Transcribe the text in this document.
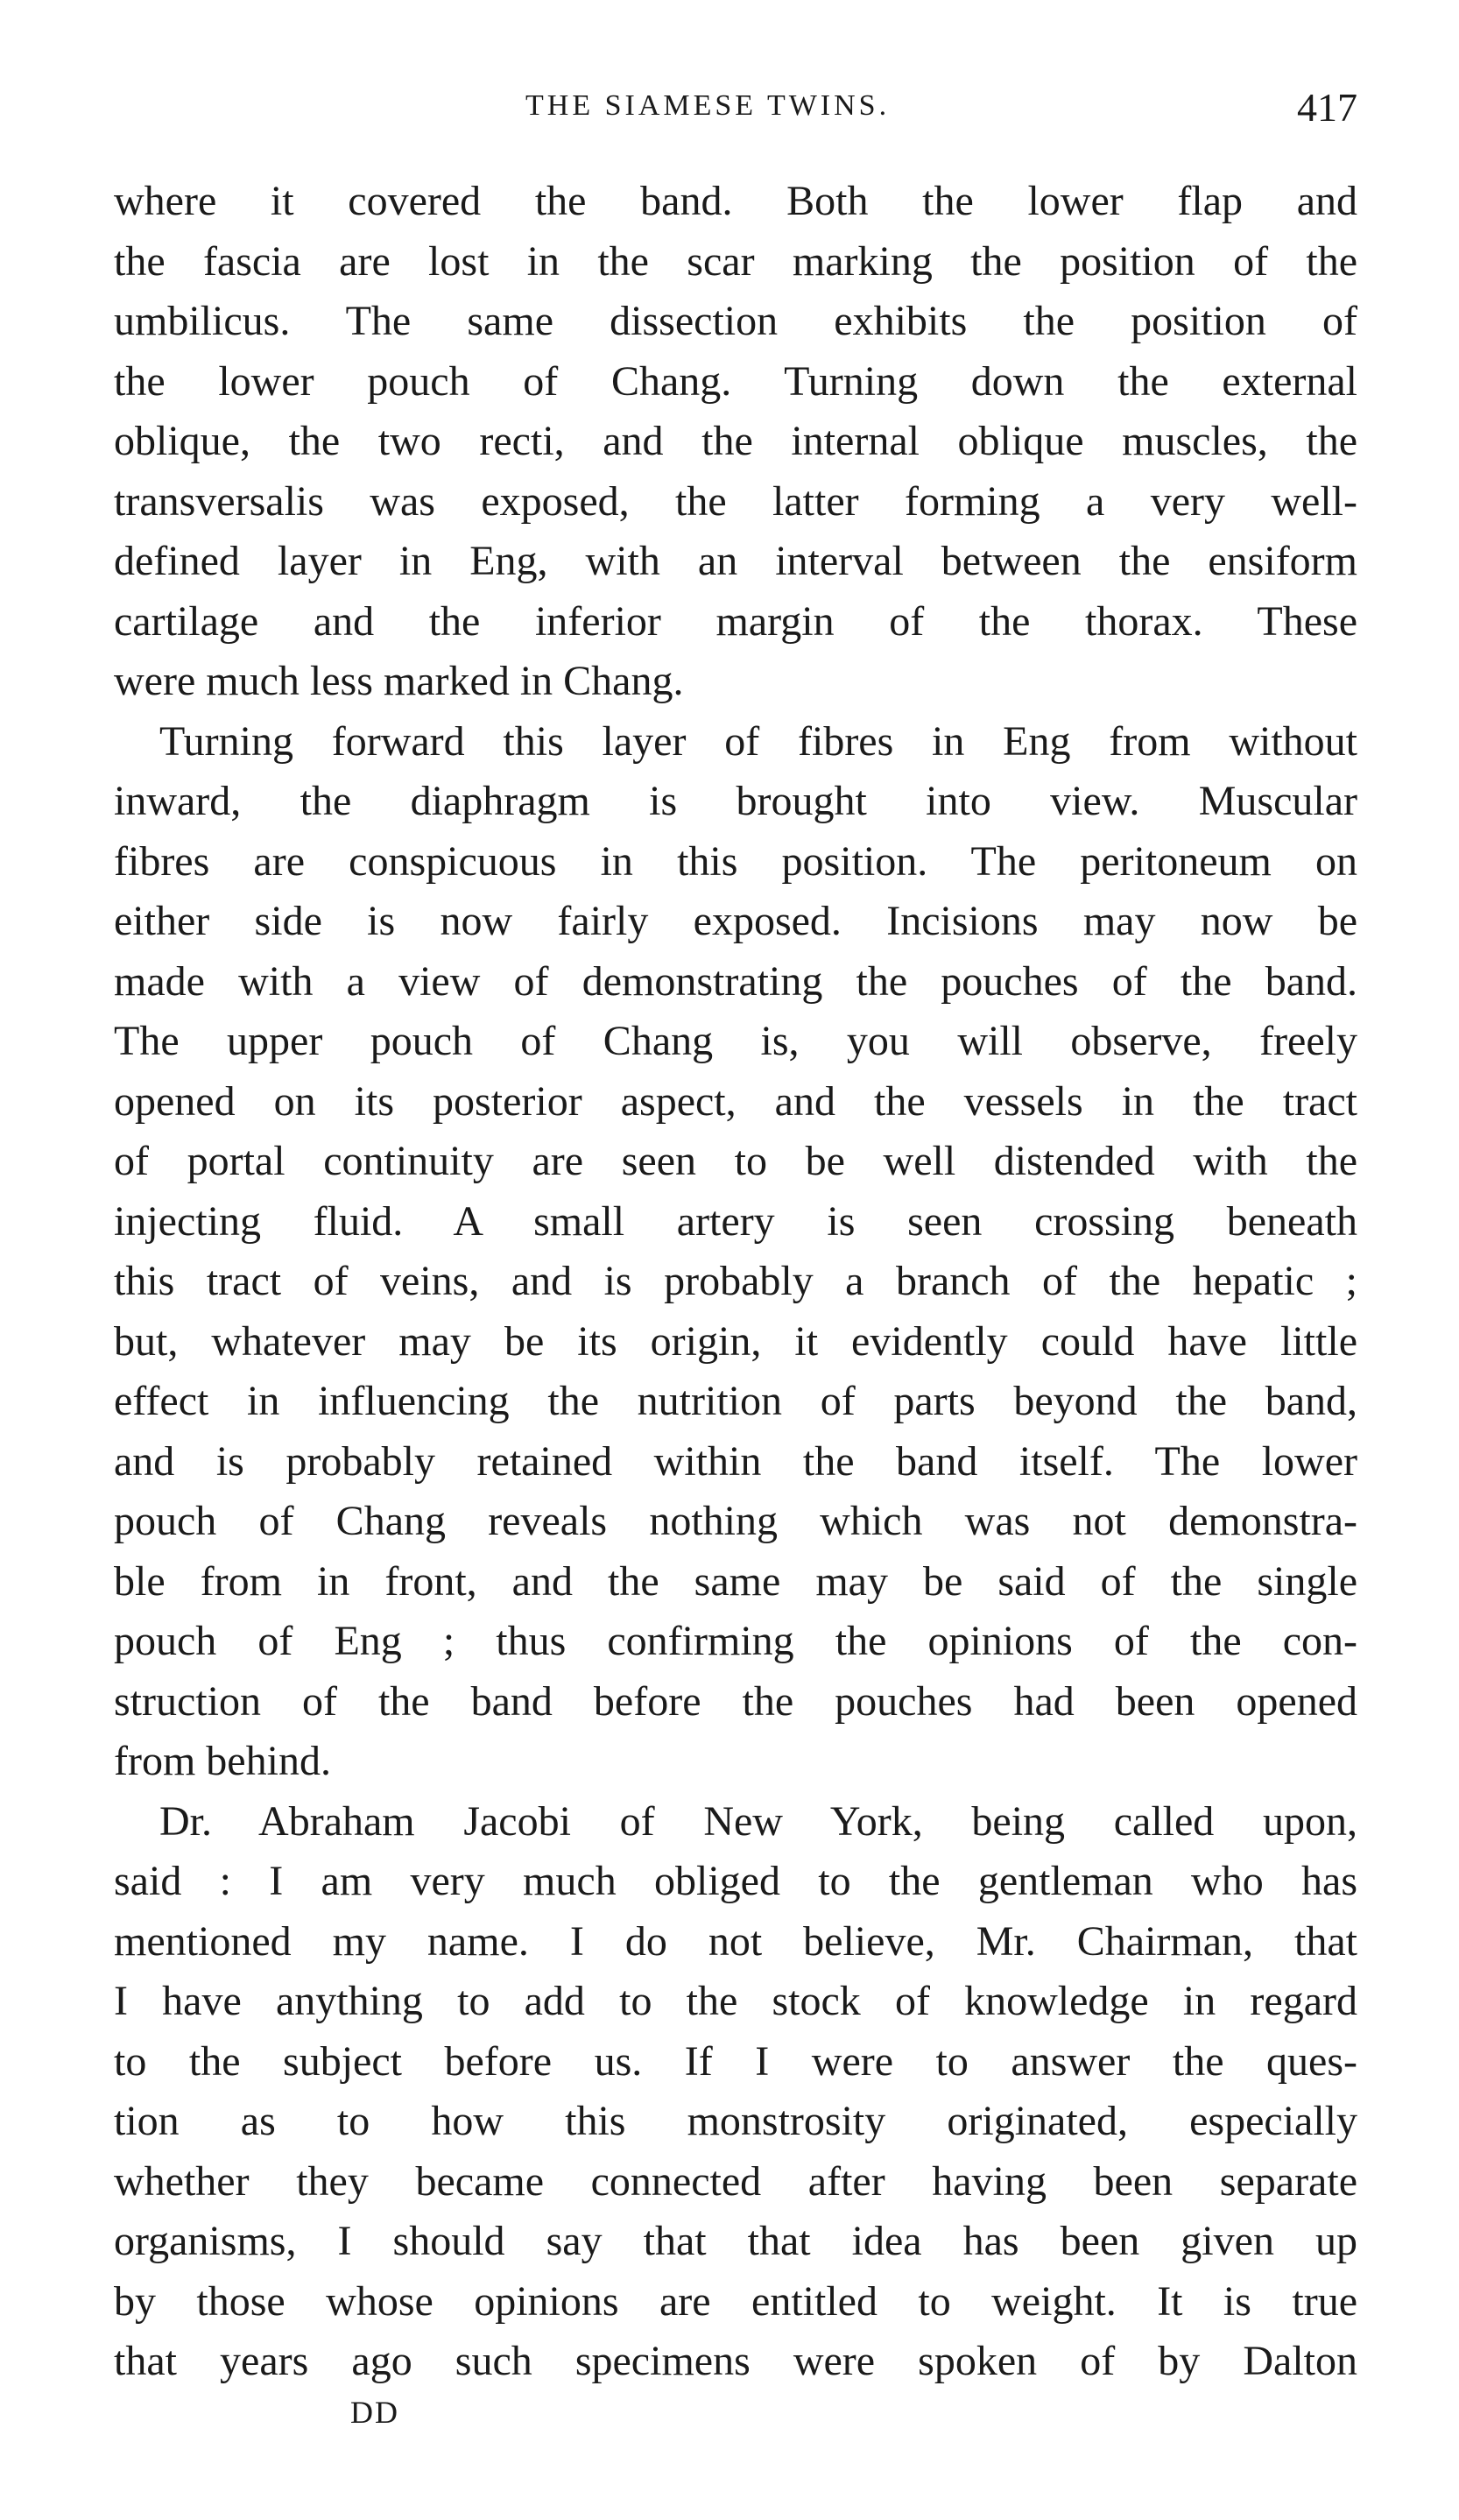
THE SIAMESE TWINS.	417

where it covered the band. Both the lower flap and
the fascia are lost in the scar marking the position of the
umbilicus. The same dissection exhibits the position of
the lower pouch of Chang. Turning down the external
oblique, the two recti, and the internal oblique muscles, the
transversalis was exposed, the latter forming a very well-
defined layer in Eng, with an interval between the ensiform
cartilage and the inferior margin of the thorax. These
were much less marked in Chang.

Turning forward this layer of fibres in Eng from without
inward, the diaphragm is brought into view. Muscular
fibres are conspicuous in this position. The peritoneum on
either side is now fairly exposed. Incisions may now be
made with a view of demonstrating the pouches of the band.
The upper pouch of Chang is, you will observe, freely
opened on its posterior aspect, and the vessels in the tract
of portal continuity are seen to be well distended with the
injecting fluid. A small artery is seen crossing beneath
this tract of veins, and is probably a branch of the hepatic ;
but, whatever may be its origin, it evidently could have little
effect in influencing the nutrition of parts beyond the band,
and is probably retained within the band itself. The lower
pouch of Chang reveals nothing which was not demonstra-
ble from in front, and the same may be said of the single
pouch of Eng ; thus confirming the opinions of the con-
struction of the band before the pouches had been opened
from behind.

Dr. Abraham Jacobi of New York, being called upon,
said : I am very much obliged to the gentleman who has
mentioned my name. I do not believe, Mr. Chairman, that
I have anything to add to the stock of knowledge in regard
to the subject before us. If I were to answer the ques-
tion as to how this monstrosity originated, especially
whether they became connected after having been separate
organisms, I should say that that idea has been given up
by those whose opinions are entitled to weight. It is true
that years ago such specimens were spoken of by Dalton

DD
